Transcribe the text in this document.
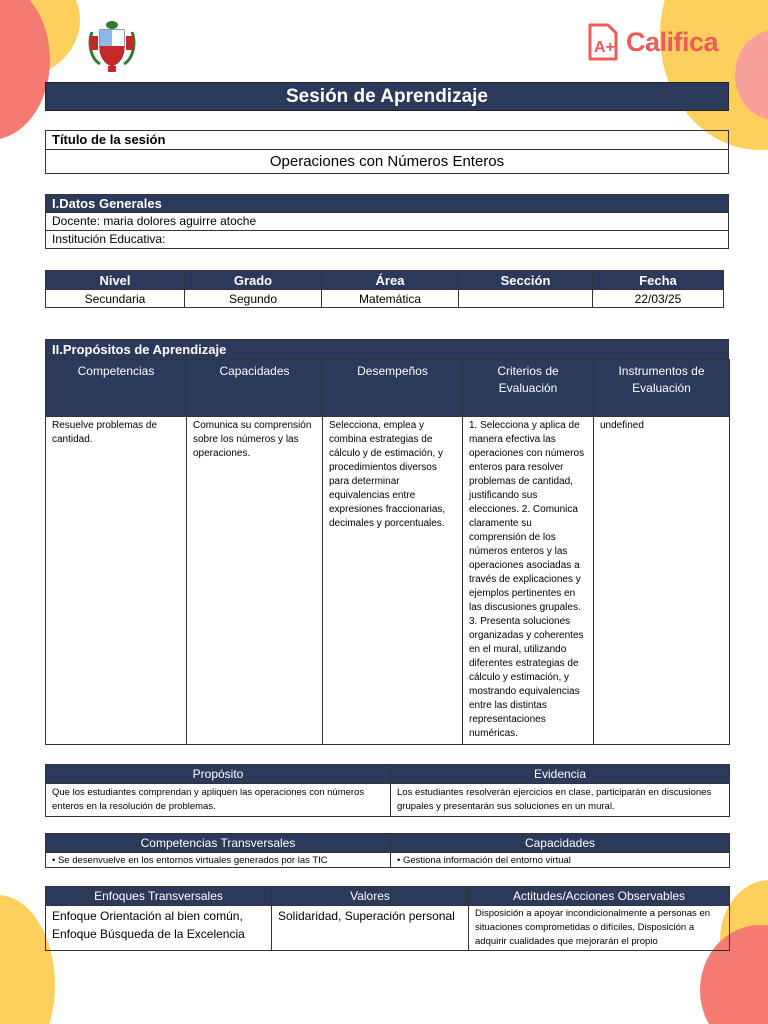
A+ Califica
Sesión de Aprendizaje
Título de la sesión
Operaciones con Números Enteros
I.Datos Generales
Docente: maria dolores aguirre atoche
Institución Educativa:
Nivel	Grado	Área	Sección	Fecha
Secundaria	Segundo	Matemática		22/03/25
II.Propósitos de Aprendizaje
Competencias	Capacidades	Desempeños	Criterios de Evaluación	Instrumentos de Evaluación
Resuelve problemas de cantidad.	Comunica su comprensión sobre los números y las operaciones.	Selecciona, emplea y combina estrategias de cálculo y de estimación, y procedimientos diversos para determinar equivalencias entre expresiones fraccionarias, decimales y porcentuales.	1. Selecciona y aplica de manera efectiva las operaciones con números enteros para resolver problemas de cantidad, justificando sus elecciones. 2. Comunica claramente su comprensión de los números enteros y las operaciones asociadas a través de explicaciones y ejemplos pertinentes en las discusiones grupales. 3. Presenta soluciones organizadas y coherentes en el mural, utilizando diferentes estrategias de cálculo y estimación, y mostrando equivalencias entre las distintas representaciones numéricas.	undefined
Propósito	Evidencia
Que los estudiantes comprendan y apliquen las operaciones con números enteros en la resolución de problemas.	Los estudiantes resolverán ejercicios en clase, participarán en discusiones grupales y presentarán sus soluciones en un mural.
Competencias Transversales	Capacidades
• Se desenvuelve en los entornos virtuales generados por las TIC	• Gestiona información del entorno virtual
Enfoques Transversales	Valores	Actitudes/Acciones Observables
Enfoque Orientación al bien común, Enfoque Búsqueda de la Excelencia	Solidaridad, Superación personal	Disposición a apoyar incondicionalmente a personas en situaciones comprometidas o difíciles, Disposición a adquirir cualidades que mejorarán el propio
